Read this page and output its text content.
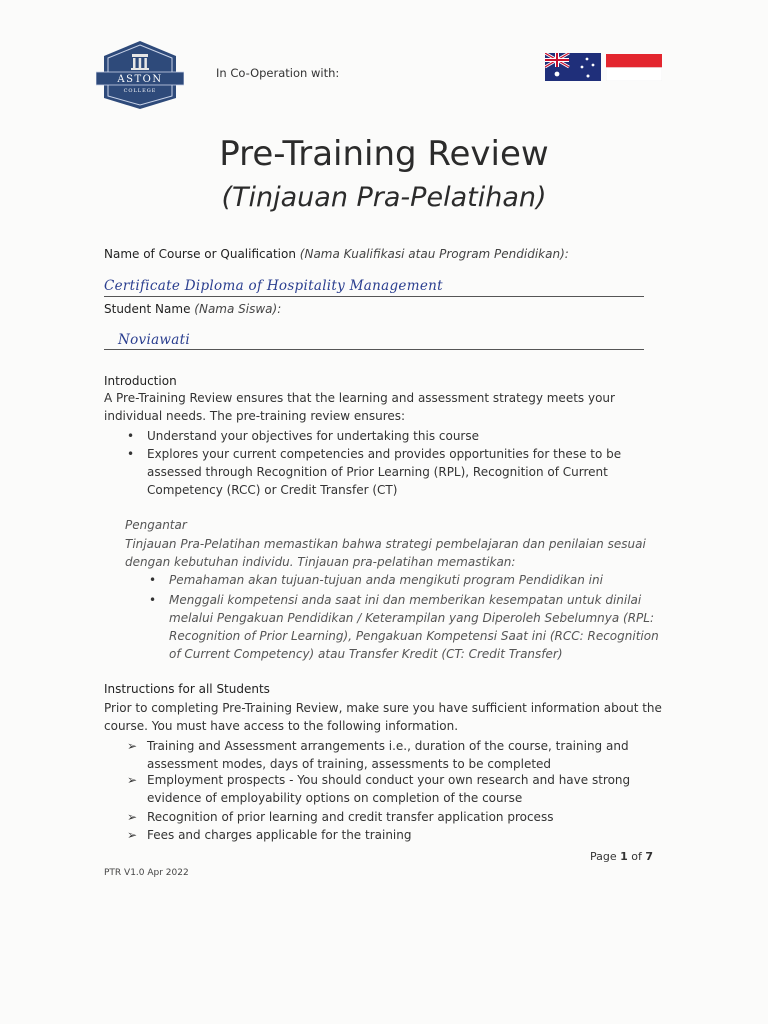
ASTON
COLLEGE
In Co-Operation with:
Pre-Training Review
(Tinjauan Pra-Pelatihan)
Name of Course or Qualification (Nama Kualifikasi atau Program Pendidikan):
Certificate Diploma of Hospitality Management
Student Name (Nama Siswa):
Noviawati
Introduction
A Pre-Training Review ensures that the learning and assessment strategy meets your
individual needs. The pre-training review ensures:
• Understand your objectives for undertaking this course
• Explores your current competencies and provides opportunities for these to be
assessed through Recognition of Prior Learning (RPL), Recognition of Current
Competency (RCC) or Credit Transfer (CT)
Pengantar
Tinjauan Pra-Pelatihan memastikan bahwa strategi pembelajaran dan penilaian sesuai
dengan kebutuhan individu. Tinjauan pra-pelatihan memastikan:
• Pemahaman akan tujuan-tujuan anda mengikuti program Pendidikan ini
• Menggali kompetensi anda saat ini dan memberikan kesempatan untuk dinilai
melalui Pengakuan Pendidikan / Keterampilan yang Diperoleh Sebelumnya (RPL:
Recognition of Prior Learning), Pengakuan Kompetensi Saat ini (RCC: Recognition
of Current Competency) atau Transfer Kredit (CT: Credit Transfer)
Instructions for all Students
Prior to completing Pre-Training Review, make sure you have sufficient information about the
course. You must have access to the following information.
➢ Training and Assessment arrangements i.e., duration of the course, training and
assessment modes, days of training, assessments to be completed
➢ Employment prospects - You should conduct your own research and have strong
evidence of employability options on completion of the course
➢ Recognition of prior learning and credit transfer application process
➢ Fees and charges applicable for the training
Page 1 of 7
PTR V1.0 Apr 2022
